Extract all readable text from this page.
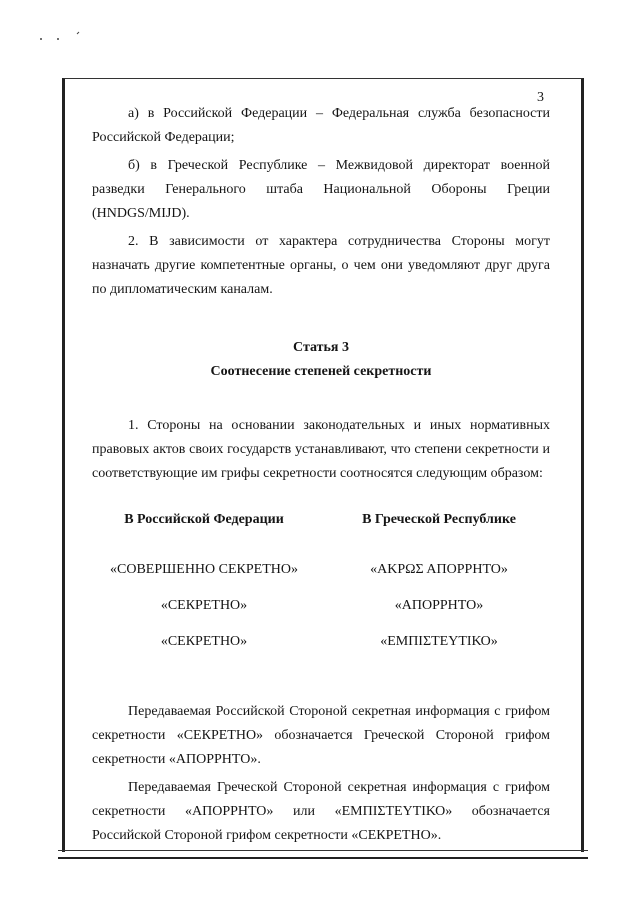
3

а) в Российской Федерации – Федеральная служба безопасности Российской Федерации;

б) в Греческой Республике – Межвидовой директорат военной разведки Генерального штаба Национальной Обороны Греции (HNDGS/MIJD).

2. В зависимости от характера сотрудничества Стороны могут назначать другие компетентные органы, о чем они уведомляют друг друга по дипломатическим каналам.

Статья 3

Соотнесение степеней секретности

1. Стороны на основании законодательных и иных нормативных правовых актов своих государств устанавливают, что степени секретности и соответствующие им грифы секретности соотносятся следующим образом:

В Российской Федерации
«СОВЕРШЕННО СЕКРЕТНО»
«СЕКРЕТНО»
«СЕКРЕТНО»
В Греческой Республике
«ΑΚΡΩΣ ΑΠΟΡΡΗΤΟ»
«ΑΠΟΡΡΗΤΟ»
«ΕΜΠΙΣΤΕΥΤΙΚΟ»

Передаваемая Российской Стороной секретная информация с грифом секретности «СЕКРЕТНО» обозначается Греческой Стороной грифом секретности «ΑΠΟΡΡΗΤΟ».

Передаваемая Греческой Стороной секретная информация с грифом секретности «ΑΠΟΡΡΗΤΟ» или «ΕΜΠΙΣΤΕΥΤΙΚΟ» обозначается Российской Стороной грифом секретности «СЕКРЕТНО».
